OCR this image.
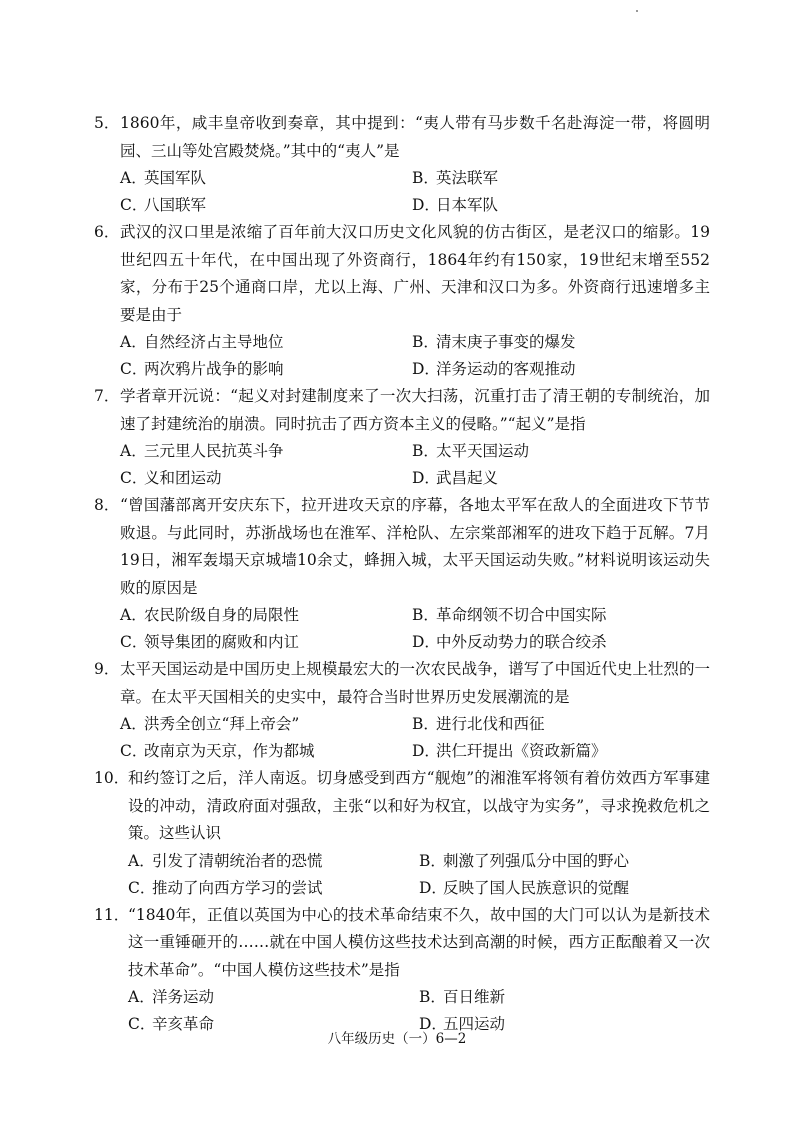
5． 1860年，咸丰皇帝收到奏章，其中提到：“夷人带有马步数千名赴海淀一带，将圆明园、三山等处宫殿焚烧。”其中的“夷人”是
A．英国军队	B．英法联军
C．八国联军	D．日本军队
6． 武汉的汉口里是浓缩了百年前大汉口历史文化风貌的仿古街区，是老汉口的缩影。19世纪四五十年代，在中国出现了外资商行，1864年约有150家，19世纪末增至552家，分布于25个通商口岸，尤以上海、广州、天津和汉口为多。外资商行迅速增多主要是由于
A．自然经济占主导地位	B．清末庚子事变的爆发
C．两次鸦片战争的影响	D．洋务运动的客观推动
7． 学者章开沅说：“起义对封建制度来了一次大扫荡，沉重打击了清王朝的专制统治，加速了封建统治的崩溃。同时抗击了西方资本主义的侵略。”“起义”是指
A．三元里人民抗英斗争	B．太平天国运动
C．义和团运动	D．武昌起义
8． “曾国藩部离开安庆东下，拉开进攻天京的序幕，各地太平军在敌人的全面进攻下节节败退。与此同时，苏浙战场也在淮军、洋枪队、左宗棠部湘军的进攻下趋于瓦解。7月19日，湘军轰塌天京城墙10余丈，蜂拥入城，太平天国运动失败。”材料说明该运动失败的原因是
A．农民阶级自身的局限性	B．革命纲领不切合中国实际
C．领导集团的腐败和内讧	D．中外反动势力的联合绞杀
9． 太平天国运动是中国历史上规模最宏大的一次农民战争，谱写了中国近代史上壮烈的一章。在太平天国相关的史实中，最符合当时世界历史发展潮流的是
A．洪秀全创立“拜上帝会”	B．进行北伐和西征
C．改南京为天京，作为都城	D．洪仁玕提出《资政新篇》
10．
和约签订之后，洋人南返。切身感受到西方“舰炮”的湘淮军将领有着仿效西方军事建设的冲动，清政府面对强敌，主张“以和好为权宜，以战守为实务”，寻求挽救危机之策。这些认识
A．引发了清朝统治者的恐慌	B．刺激了列强瓜分中国的野心
C．推动了向西方学习的尝试	D．反映了国人民族意识的觉醒
11．
“1840年，正值以英国为中心的技术革命结束不久，故中国的大门可以认为是新技术这一重锤砸开的……就在中国人模仿这些技术达到高潮的时候，西方正酝酿着又一次技术革命”。“中国人模仿这些技术”是指
A．洋务运动	B．百日维新
C．辛亥革命	D．五四运动
八年级历史（一）6—2
